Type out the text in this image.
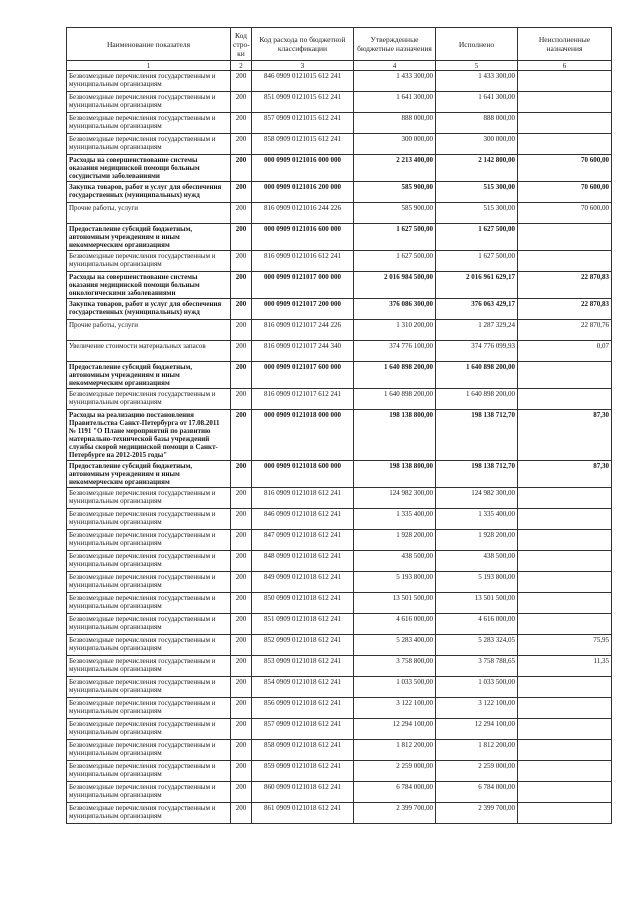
Наименование показателя	Код стро- ки	Код расхода по бюджетной классификации	Утвержденные бюджетные назначения	Исполнено	Неисполненные назначения
1	2	3	4	5	6
Безвозмездные перечисления государственным и муниципальным организациям	200	846 0909 0121015 612 241	1 433 300,00	1 433 300,00	
Безвозмездные перечисления государственным и муниципальным организациям	200	851 0909 0121015 612 241	1 641 300,00	1 641 300,00	
Безвозмездные перечисления государственным и муниципальным организациям	200	857 0909 0121015 612 241	888 000,00	888 000,00	
Безвозмездные перечисления государственным и муниципальным организациям	200	858 0909 0121015 612 241	300 000,00	300 000,00	
Расходы на совершенствование системы оказания медицинской помощи больным сосудистыми заболеваниями	200	000 0909 0121016 000 000	2 213 400,00	2 142 800,00	70 600,00
Закупка товаров, работ и услуг для обеспечения государственных (муниципальных) нужд	200	000 0909 0121016 200 000	585 900,00	515 300,00	70 600,00
Прочие работы, услуги	200	816 0909 0121016 244 226	585 900,00	515 300,00	70 600,00
Предоставление субсидий бюджетным, автономным учреждениям и иным некоммерческим организациям	200	000 0909 0121016 600 000	1 627 500,00	1 627 500,00	
Безвозмездные перечисления государственным и муниципальным организациям	200	816 0909 0121016 612 241	1 627 500,00	1 627 500,00	
Расходы на совершенствование системы оказания медицинской помощи больным онкологическими заболеваниями	200	000 0909 0121017 000 000	2 016 984 500,00	2 016 961 629,17	22 870,83
Закупка товаров, работ и услуг для обеспечения государственных (муниципальных) нужд	200	000 0909 0121017 200 000	376 086 300,00	376 063 429,17	22 870,83
Прочие работы, услуги	200	816 0909 0121017 244 226	1 310 200,00	1 287 329,24	22 870,76
Увеличение стоимости материальных запасов	200	816 0909 0121017 244 340	374 776 100,00	374 776 099,93	0,07
Предоставление субсидий бюджетным, автономным учреждениям и иным некоммерческим организациям	200	000 0909 0121017 600 000	1 640 898 200,00	1 640 898 200,00	
Безвозмездные перечисления государственным и муниципальным организациям	200	816 0909 0121017 612 241	1 640 898 200,00	1 640 898 200,00	
Расходы на реализацию постановления Правительства Санкт-Петербурга от 17.08.2011 № 1191 "О Плане мероприятий по развитию материально-технической базы учреждений службы скорой медицинской помощи в Санкт-Петербурге на 2012-2015 годы"	200	000 0909 0121018 000 000	198 138 800,00	198 138 712,70	87,30
Предоставление субсидий бюджетным, автономным учреждениям и иным некоммерческим организациям	200	000 0909 0121018 600 000	198 138 800,00	198 138 712,70	87,30
Безвозмездные перечисления государственным и муниципальным организациям	200	816 0909 0121018 612 241	124 982 300,00	124 982 300,00	
Безвозмездные перечисления государственным и муниципальным организациям	200	846 0909 0121018 612 241	1 335 400,00	1 335 400,00	
Безвозмездные перечисления государственным и муниципальным организациям	200	847 0909 0121018 612 241	1 928 200,00	1 928 200,00	
Безвозмездные перечисления государственным и муниципальным организациям	200	848 0909 0121018 612 241	438 500,00	438 500,00	
Безвозмездные перечисления государственным и муниципальным организациям	200	849 0909 0121018 612 241	5 193 800,00	5 193 800,00	
Безвозмездные перечисления государственным и муниципальным организациям	200	850 0909 0121018 612 241	13 501 500,00	13 501 500,00	
Безвозмездные перечисления государственным и муниципальным организациям	200	851 0909 0121018 612 241	4 616 000,00	4 616 000,00	
Безвозмездные перечисления государственным и муниципальным организациям	200	852 0909 0121018 612 241	5 283 400,00	5 283 324,05	75,95
Безвозмездные перечисления государственным и муниципальным организациям	200	853 0909 0121018 612 241	3 758 800,00	3 758 788,65	11,35
Безвозмездные перечисления государственным и муниципальным организациям	200	854 0909 0121018 612 241	1 033 500,00	1 033 500,00	
Безвозмездные перечисления государственным и муниципальным организациям	200	856 0909 0121018 612 241	3 122 100,00	3 122 100,00	
Безвозмездные перечисления государственным и муниципальным организациям	200	857 0909 0121018 612 241	12 294 100,00	12 294 100,00	
Безвозмездные перечисления государственным и муниципальным организациям	200	858 0909 0121018 612 241	1 812 200,00	1 812 200,00	
Безвозмездные перечисления государственным и муниципальным организациям	200	859 0909 0121018 612 241	2 259 000,00	2 259 000,00	
Безвозмездные перечисления государственным и муниципальным организациям	200	860 0909 0121018 612 241	6 784 000,00	6 784 000,00	
Безвозмездные перечисления государственным и муниципальным организациям	200	861 0909 0121018 612 241	2 399 700,00	2 399 700,00	
